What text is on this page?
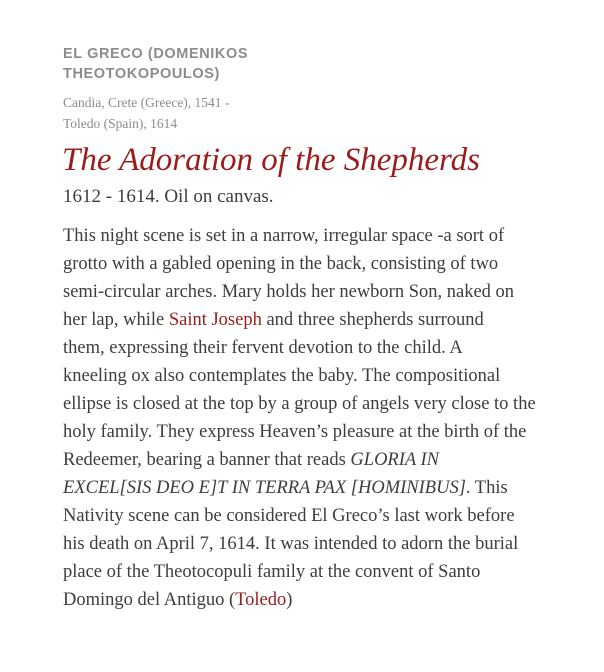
EL GRECO (DOMENIKOS
THEOTOKOPOULOS)
Candia, Crete (Greece), 1541 -
Toledo (Spain), 1614
The Adoration of the Shepherds
1612 - 1614. Oil on canvas.
This night scene is set in a narrow, irregular space -a sort of
grotto with a gabled opening in the back, consisting of two
semi-circular arches. Mary holds her newborn Son, naked on
her lap, while Saint Joseph and three shepherds surround
them, expressing their fervent devotion to the child. A
kneeling ox also contemplates the baby. The compositional
ellipse is closed at the top by a group of angels very close to the
holy family. They express Heaven’s pleasure at the birth of the
Redeemer, bearing a banner that reads GLORIA IN
EXCEL[SIS DEO E]T IN TERRA PAX [HOMINIBUS]. This
Nativity scene can be considered El Greco’s last work before
his death on April 7, 1614. It was intended to adorn the burial
place of the Theotocopuli family at the convent of Santo
Domingo del Antiguo (Toledo)
